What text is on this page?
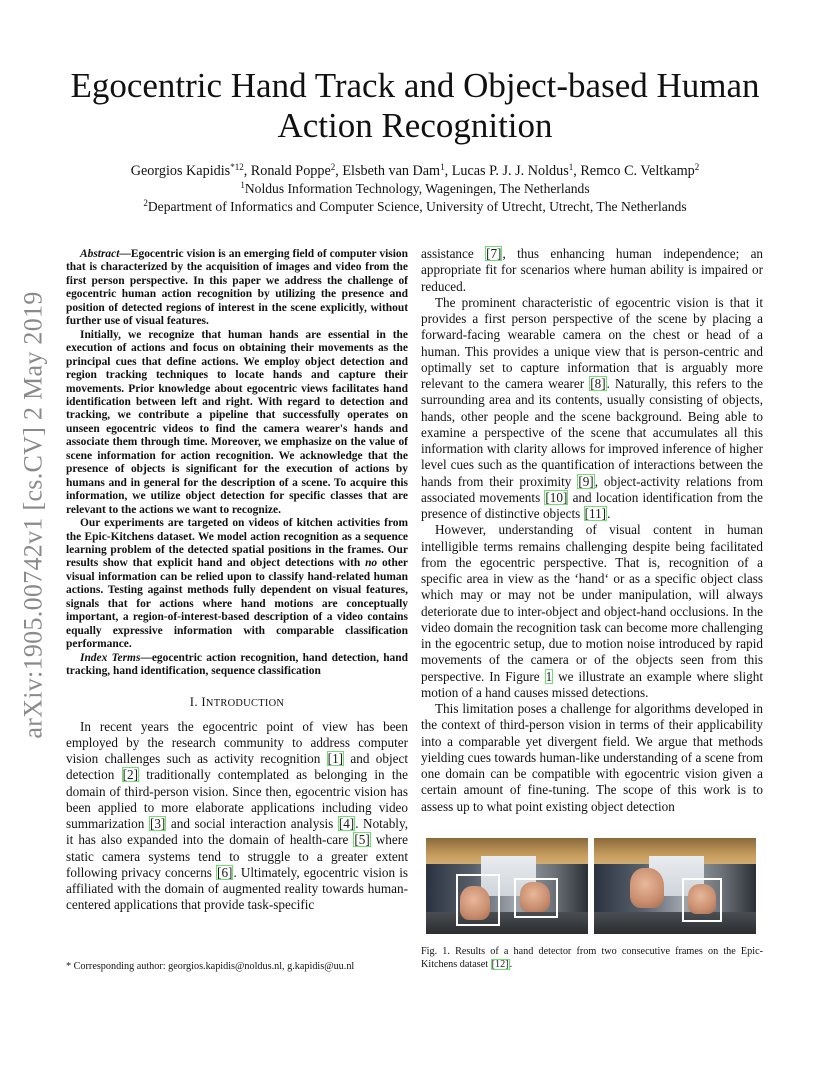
arXiv:1905.00742v1 [cs.CV] 2 May 2019
Egocentric Hand Track and Object-based Human Action Recognition
Georgios Kapidis$^{*12}$, Ronald Poppe$^2$, Elsbeth van Dam$^1$, Lucas P. J. J. Noldus$^1$, Remco C. Veltkamp$^2$
$^1$Noldus Information Technology, Wageningen, The Netherlands
$^2$Department of Informatics and Computer Science, University of Utrecht, Utrecht, The Netherlands

Abstract—Egocentric vision is an emerging field of computer vision that is characterized by the acquisition of images and video from the first person perspective. In this paper we address the challenge of egocentric human action recognition by utilizing the presence and position of detected regions of interest in the scene explicitly, without further use of visual features.

Initially, we recognize that human hands are essential in the execution of actions and focus on obtaining their movements as the principal cues that define actions. We employ object detection and region tracking techniques to locate hands and capture their movements. Prior knowledge about egocentric views facilitates hand identification between left and right. With regard to detection and tracking, we contribute a pipeline that successfully operates on unseen egocentric videos to find the camera wearer's hands and associate them through time. Moreover, we emphasize on the value of scene information for action recognition. We acknowledge that the presence of objects is significant for the execution of actions by humans and in general for the description of a scene. To acquire this information, we utilize object detection for specific classes that are relevant to the actions we want to recognize.

Our experiments are targeted on videos of kitchen activities from the Epic-Kitchens dataset. We model action recognition as a sequence learning problem of the detected spatial positions in the frames. Our results show that explicit hand and object detections with no other visual information can be relied upon to classify hand-related human actions. Testing against methods fully dependent on visual features, signals that for actions where hand motions are conceptually important, a region-of-interest-based description of a video contains equally expressive information with comparable classification performance.

Index Terms—egocentric action recognition, hand detection, hand tracking, hand identification, sequence classification

I. INTRODUCTION

In recent years the egocentric point of view has been employed by the research community to address computer vision challenges such as activity recognition [1] and object detection [2] traditionally contemplated as belonging in the domain of third-person vision. Since then, egocentric vision has been applied to more elaborate applications including video summarization [3] and social interaction analysis [4]. Notably, it has also expanded into the domain of health-care [5] where static camera systems tend to struggle to a greater extent following privacy concerns [6]. Ultimately, egocentric vision is affiliated with the domain of augmented reality towards human-centered applications that provide task-specific

* Corresponding author: georgios.kapidis@noldus.nl, g.kapidis@uu.nl

assistance [7], thus enhancing human independence; an appropriate fit for scenarios where human ability is impaired or reduced.

The prominent characteristic of egocentric vision is that it provides a first person perspective of the scene by placing a forward-facing wearable camera on the chest or head of a human. This provides a unique view that is person-centric and optimally set to capture information that is arguably more relevant to the camera wearer [8]. Naturally, this refers to the surrounding area and its contents, usually consisting of objects, hands, other people and the scene background. Being able to examine a perspective of the scene that accumulates all this information with clarity allows for improved inference of higher level cues such as the quantification of interactions between the hands from their proximity [9], object-activity relations from associated movements [10] and location identification from the presence of distinctive objects [11].

However, understanding of visual content in human intelligible terms remains challenging despite being facilitated from the egocentric perspective. That is, recognition of a specific area in view as the ‘hand‘ or as a specific object class which may or may not be under manipulation, will always deteriorate due to inter-object and object-hand occlusions. In the video domain the recognition task can become more challenging in the egocentric setup, due to motion noise introduced by rapid movements of the camera or of the objects seen from this perspective. In Figure 1 we illustrate an example where slight motion of a hand causes missed detections.

This limitation poses a challenge for algorithms developed in the context of third-person vision in terms of their applicability into a comparable yet divergent field. We argue that methods yielding cues towards human-like understanding of a scene from one domain can be compatible with egocentric vision given a certain amount of fine-tuning. The scope of this work is to assess up to what point existing object detection

Fig. 1. Results of a hand detector from two consecutive frames on the Epic-Kitchens dataset [12].
